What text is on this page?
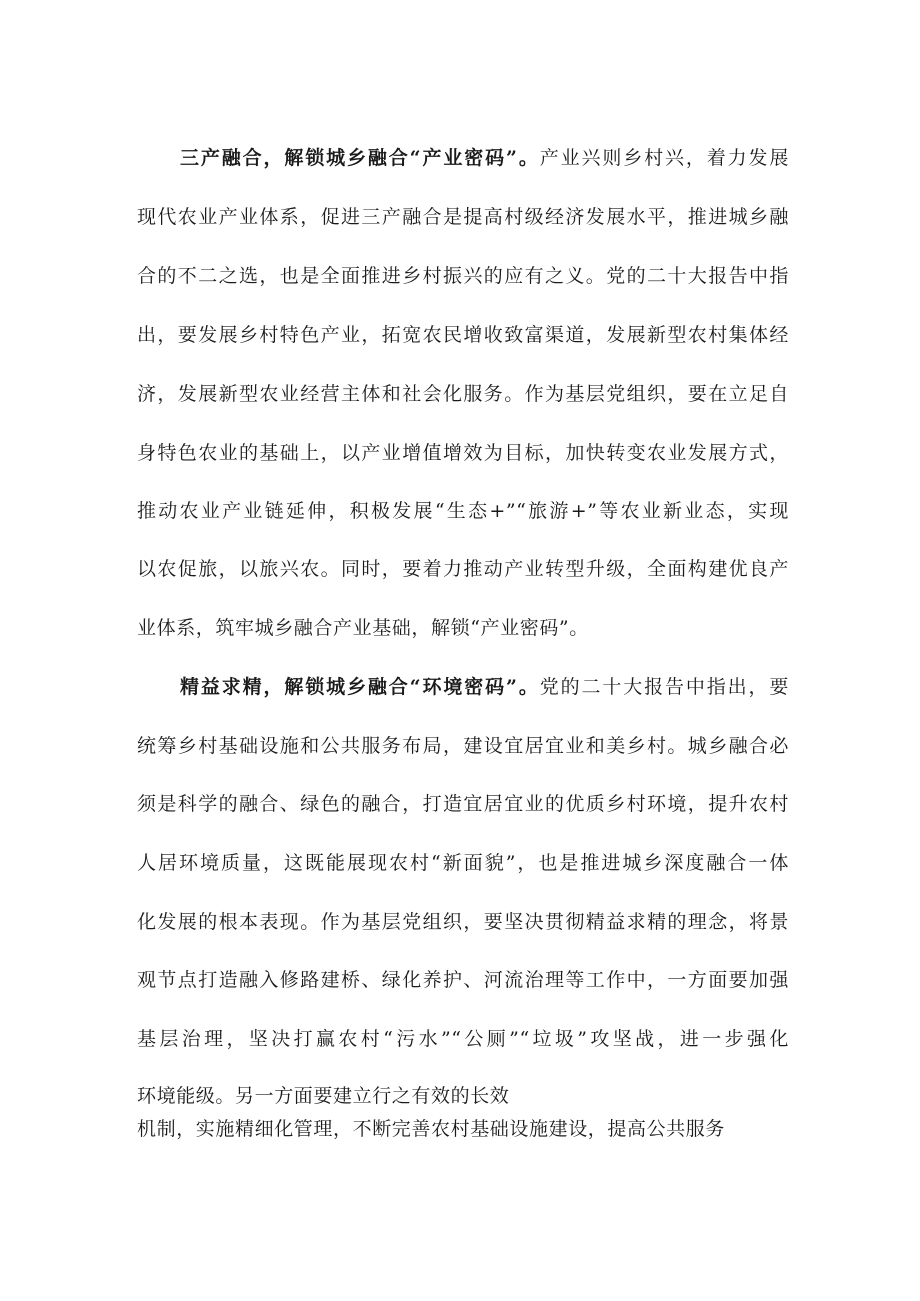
三产融合，解锁城乡融合“产业密码”。产业兴则乡村兴，着力发展
现代农业产业体系，促进三产融合是提高村级经济发展水平，推进城乡融
合的不二之选，也是全面推进乡村振兴的应有之义。党的二十大报告中指
出，要发展乡村特色产业，拓宽农民增收致富渠道，发展新型农村集体经
济，发展新型农业经营主体和社会化服务。作为基层党组织，要在立足自
身特色农业的基础上，以产业增值增效为目标，加快转变农业发展方式，
推动农业产业链延伸，积极发展“生态+”“旅游+”等农业新业态，实现
以农促旅，以旅兴农。同时，要着力推动产业转型升级，全面构建优良产
业体系，筑牢城乡融合产业基础，解锁“产业密码”。
精益求精，解锁城乡融合“环境密码”。党的二十大报告中指出，要
统筹乡村基础设施和公共服务布局，建设宜居宜业和美乡村。城乡融合必
须是科学的融合、绿色的融合，打造宜居宜业的优质乡村环境，提升农村
人居环境质量，这既能展现农村“新面貌”，也是推进城乡深度融合一体
化发展的根本表现。作为基层党组织，要坚决贯彻精益求精的理念，将景
观节点打造融入修路建桥、绿化养护、河流治理等工作中，一方面要加强
基层治理，坚决打赢农村“污水”“公厕”“垃圾”攻坚战，进一步强化
环境能级。另一方面要建立行之有效的长效
机制，实施精细化管理，不断完善农村基础设施建设，提高公共服务
